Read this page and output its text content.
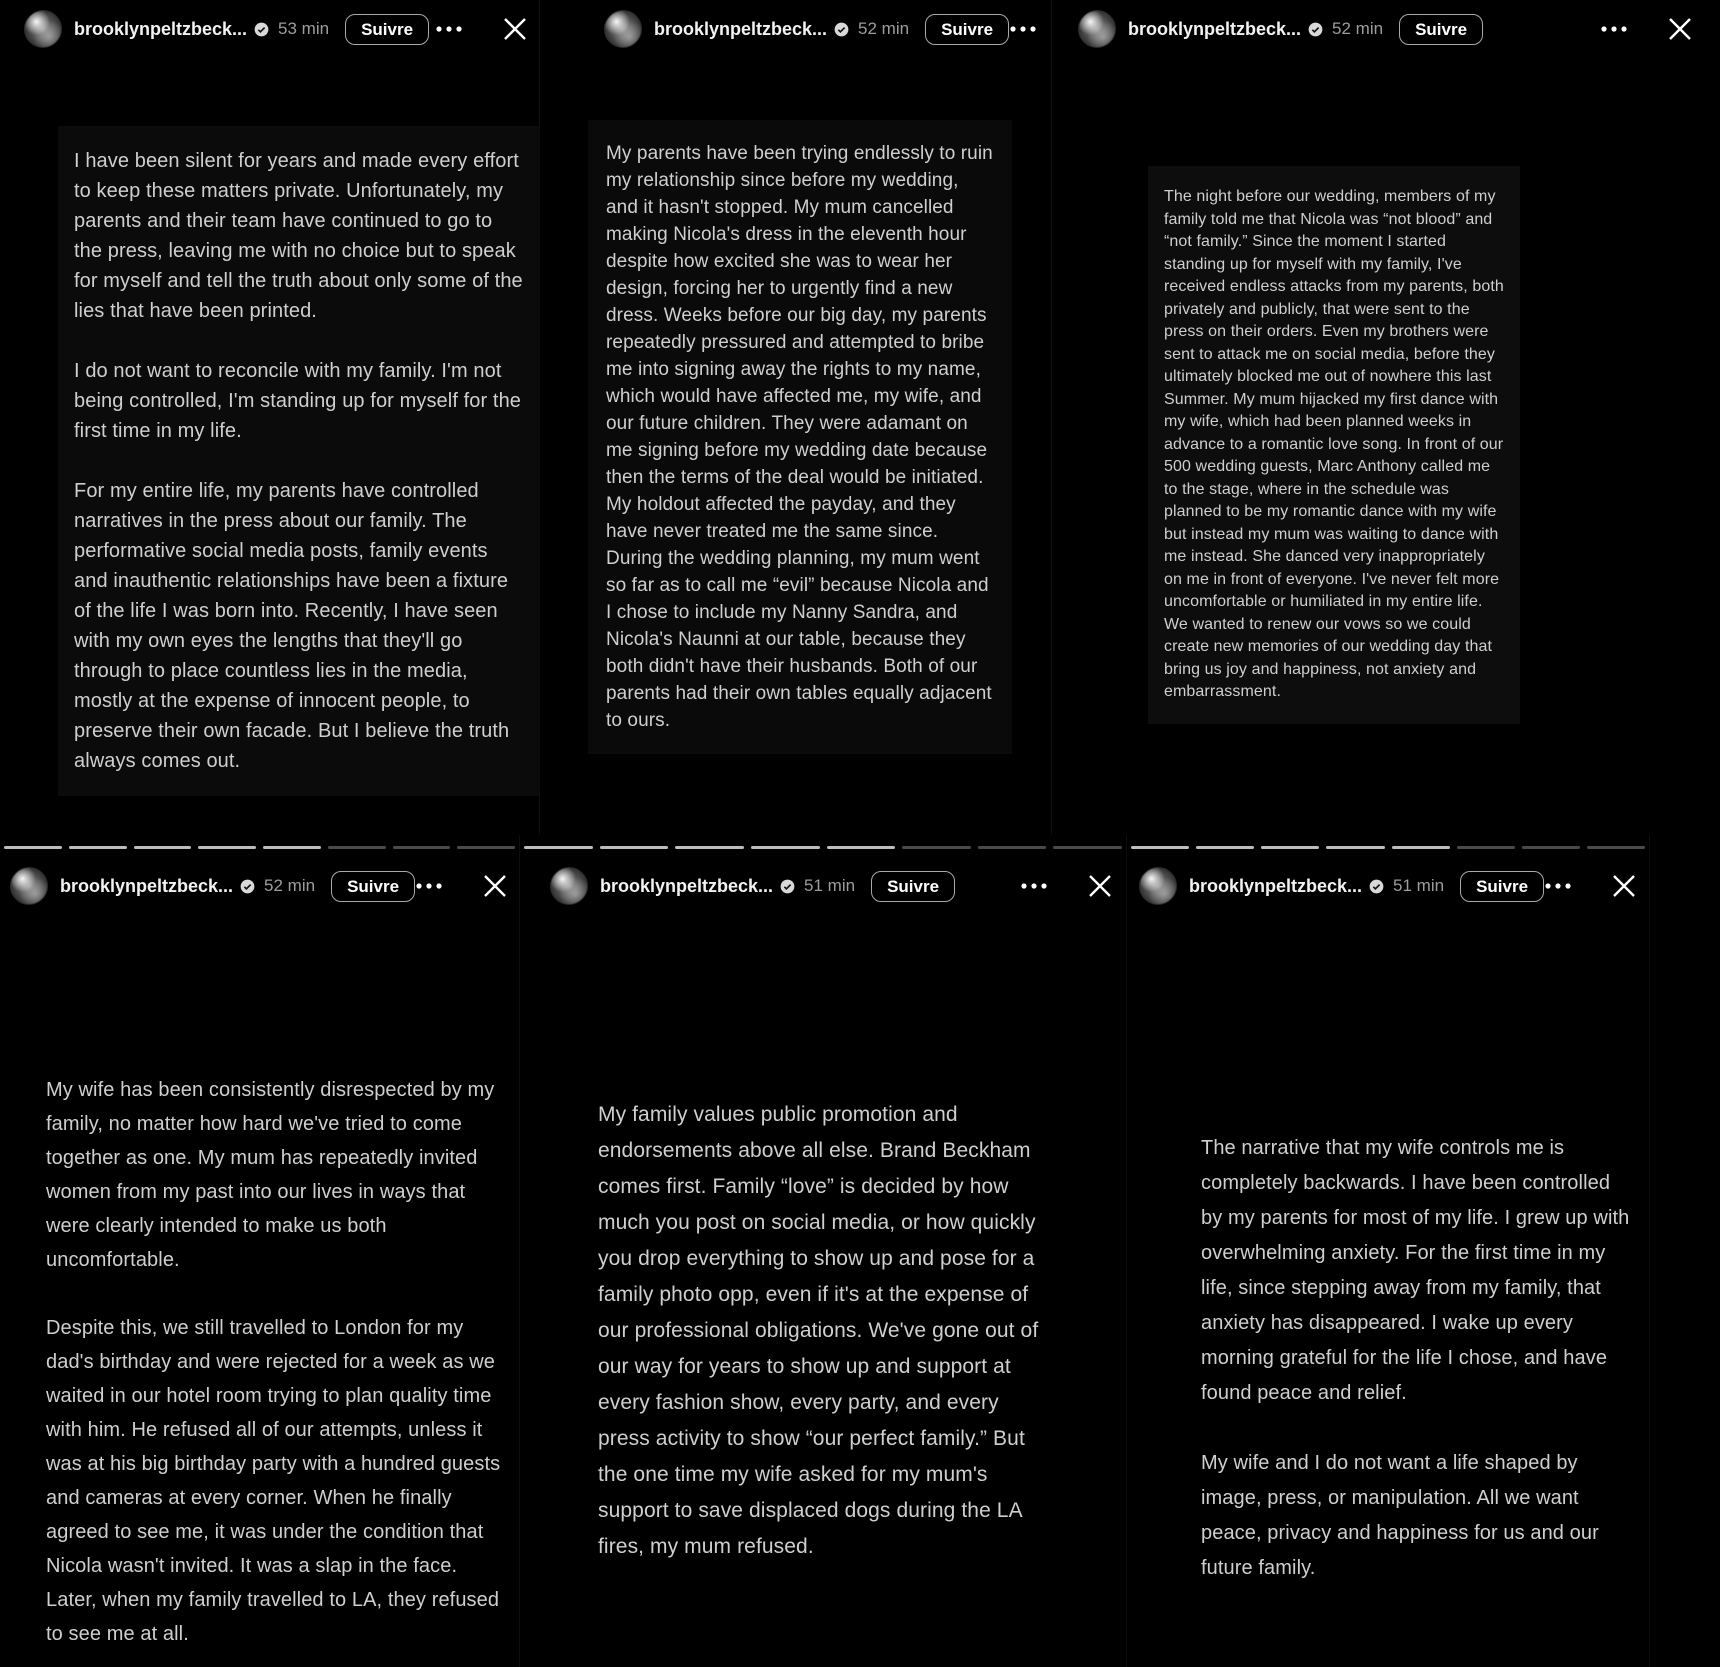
brooklynpeltzbeck... 53 min	Suivre

I have been silent for years and made every effort to keep these matters private. Unfortunately, my parents and their team have continued to go to the press, leaving me with no choice but to speak for myself and tell the truth about only some of the lies that have been printed.

I do not want to reconcile with my family. I'm not being controlled, I'm standing up for myself for the first time in my life.

For my entire life, my parents have controlled narratives in the press about our family. The performative social media posts, family events and inauthentic relationships have been a fixture of the life I was born into. Recently, I have seen with my own eyes the lengths that they'll go through to place countless lies in the media, mostly at the expense of innocent people, to preserve their own facade. But I believe the truth always comes out.

brooklynpeltzbeck... 52 min	Suivre

My parents have been trying endlessly to ruin my relationship since before my wedding, and it hasn't stopped. My mum cancelled making Nicola's dress in the eleventh hour despite how excited she was to wear her design, forcing her to urgently find a new dress. Weeks before our big day, my parents repeatedly pressured and attempted to bribe me into signing away the rights to my name, which would have affected me, my wife, and our future children. They were adamant on me signing before my wedding date because then the terms of the deal would be initiated. My holdout affected the payday, and they have never treated me the same since. During the wedding planning, my mum went so far as to call me “evil” because Nicola and I chose to include my Nanny Sandra, and Nicola's Naunni at our table, because they both didn't have their husbands. Both of our parents had their own tables equally adjacent to ours.

brooklynpeltzbeck... 52 min	Suivre

The night before our wedding, members of my family told me that Nicola was “not blood” and “not family.” Since the moment I started standing up for myself with my family, I've received endless attacks from my parents, both privately and publicly, that were sent to the press on their orders. Even my brothers were sent to attack me on social media, before they ultimately blocked me out of nowhere this last Summer. My mum hijacked my first dance with my wife, which had been planned weeks in advance to a romantic love song. In front of our 500 wedding guests, Marc Anthony called me to the stage, where in the schedule was planned to be my romantic dance with my wife but instead my mum was waiting to dance with me instead. She danced very inappropriately on me in front of everyone. I've never felt more uncomfortable or humiliated in my entire life. We wanted to renew our vows so we could create new memories of our wedding day that bring us joy and happiness, not anxiety and embarrassment.

brooklynpeltzbeck... 52 min	Suivre

My wife has been consistently disrespected by my family, no matter how hard we've tried to come together as one. My mum has repeatedly invited women from my past into our lives in ways that were clearly intended to make us both uncomfortable.

Despite this, we still travelled to London for my dad's birthday and were rejected for a week as we waited in our hotel room trying to plan quality time with him. He refused all of our attempts, unless it was at his big birthday party with a hundred guests and cameras at every corner. When he finally agreed to see me, it was under the condition that Nicola wasn't invited. It was a slap in the face. Later, when my family travelled to LA, they refused to see me at all.

brooklynpeltzbeck... 51 min	Suivre

My family values public promotion and endorsements above all else. Brand Beckham comes first. Family “love” is decided by how much you post on social media, or how quickly you drop everything to show up and pose for a family photo opp, even if it's at the expense of our professional obligations. We've gone out of our way for years to show up and support at every fashion show, every party, and every press activity to show “our perfect family.” But the one time my wife asked for my mum's support to save displaced dogs during the LA fires, my mum refused.

brooklynpeltzbeck... 51 min	Suivre

The narrative that my wife controls me is completely backwards. I have been controlled by my parents for most of my life. I grew up with overwhelming anxiety. For the first time in my life, since stepping away from my family, that anxiety has disappeared. I wake up every morning grateful for the life I chose, and have found peace and relief.

My wife and I do not want a life shaped by image, press, or manipulation. All we want peace, privacy and happiness for us and our future family.
